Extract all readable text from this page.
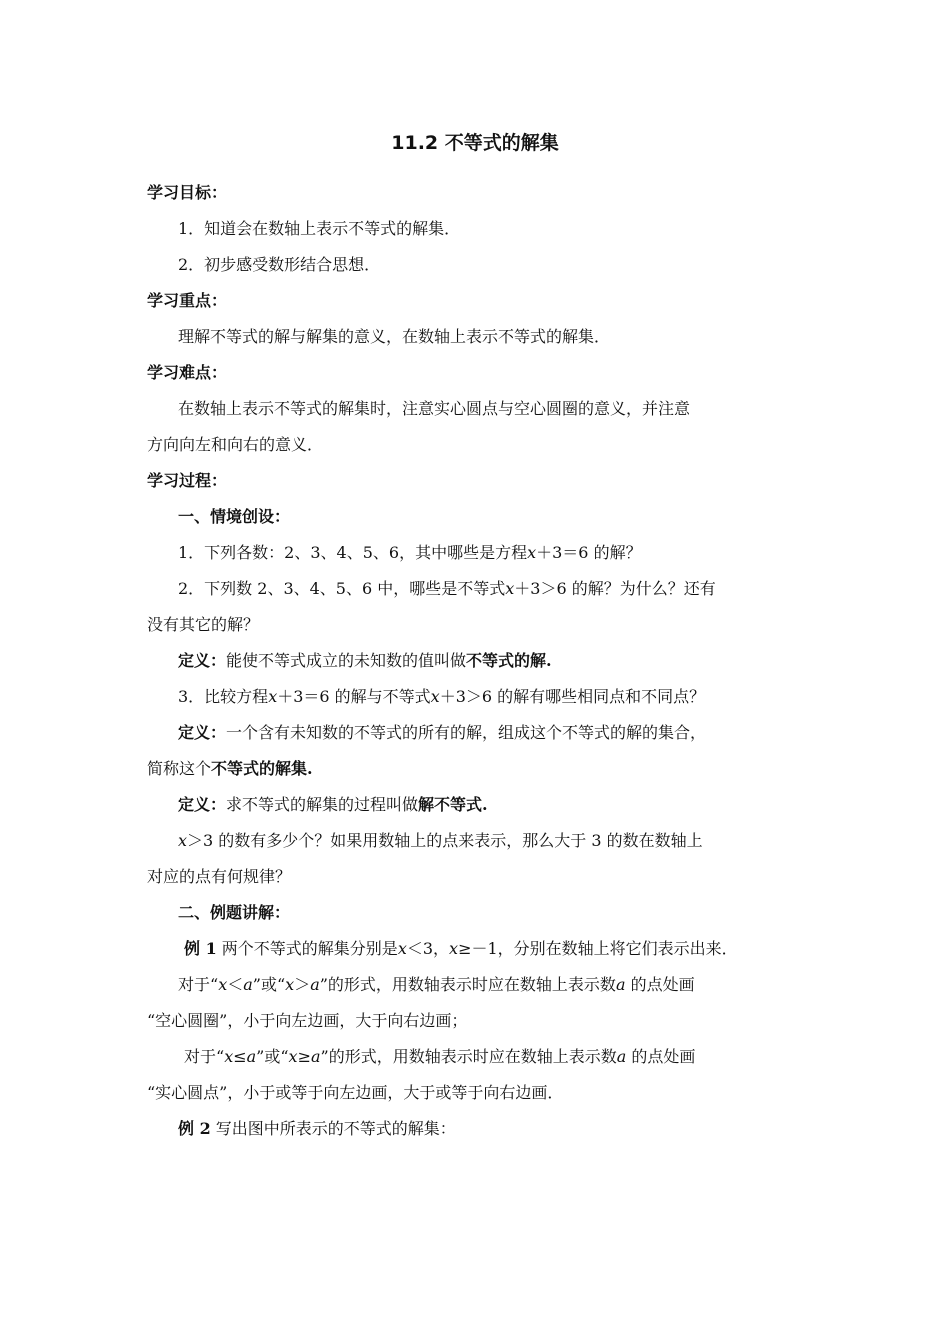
11.2 不等式的解集
学习目标：
1．知道会在数轴上表示不等式的解集．
2．初步感受数形结合思想．
学习重点：
理解不等式的解与解集的意义，在数轴上表示不等式的解集．
学习难点：
在数轴上表示不等式的解集时，注意实心圆点与空心圆圈的意义，并注意
方向向左和向右的意义．
学习过程：
一、情境创设：
1．下列各数：2、3、4、5、6，其中哪些是方程x＋3＝6 的解？
2．下列数 2、3、4、5、6 中，哪些是不等式x＋3＞6 的解？为什么？还有
没有其它的解？
定义：能使不等式成立的未知数的值叫做不等式的解.
3．比较方程x＋3＝6 的解与不等式x＋3＞6 的解有哪些相同点和不同点？
定义：一个含有未知数的不等式的所有的解，组成这个不等式的解的集合，
简称这个不等式的解集.
定义：求不等式的解集的过程叫做解不等式.
x＞3 的数有多少个？如果用数轴上的点来表示，那么大于 3 的数在数轴上
对应的点有何规律？
二、例题讲解：
例 1 两个不等式的解集分别是x＜3，x≥－1，分别在数轴上将它们表示出来．
对于“x＜a”或“x＞a”的形式，用数轴表示时应在数轴上表示数a 的点处画
“空心圆圈”，小于向左边画，大于向右边画；
对于“x≤a”或“x≥a”的形式，用数轴表示时应在数轴上表示数a 的点处画
“实心圆点”，小于或等于向左边画，大于或等于向右边画．
例 2 写出图中所表示的不等式的解集：
